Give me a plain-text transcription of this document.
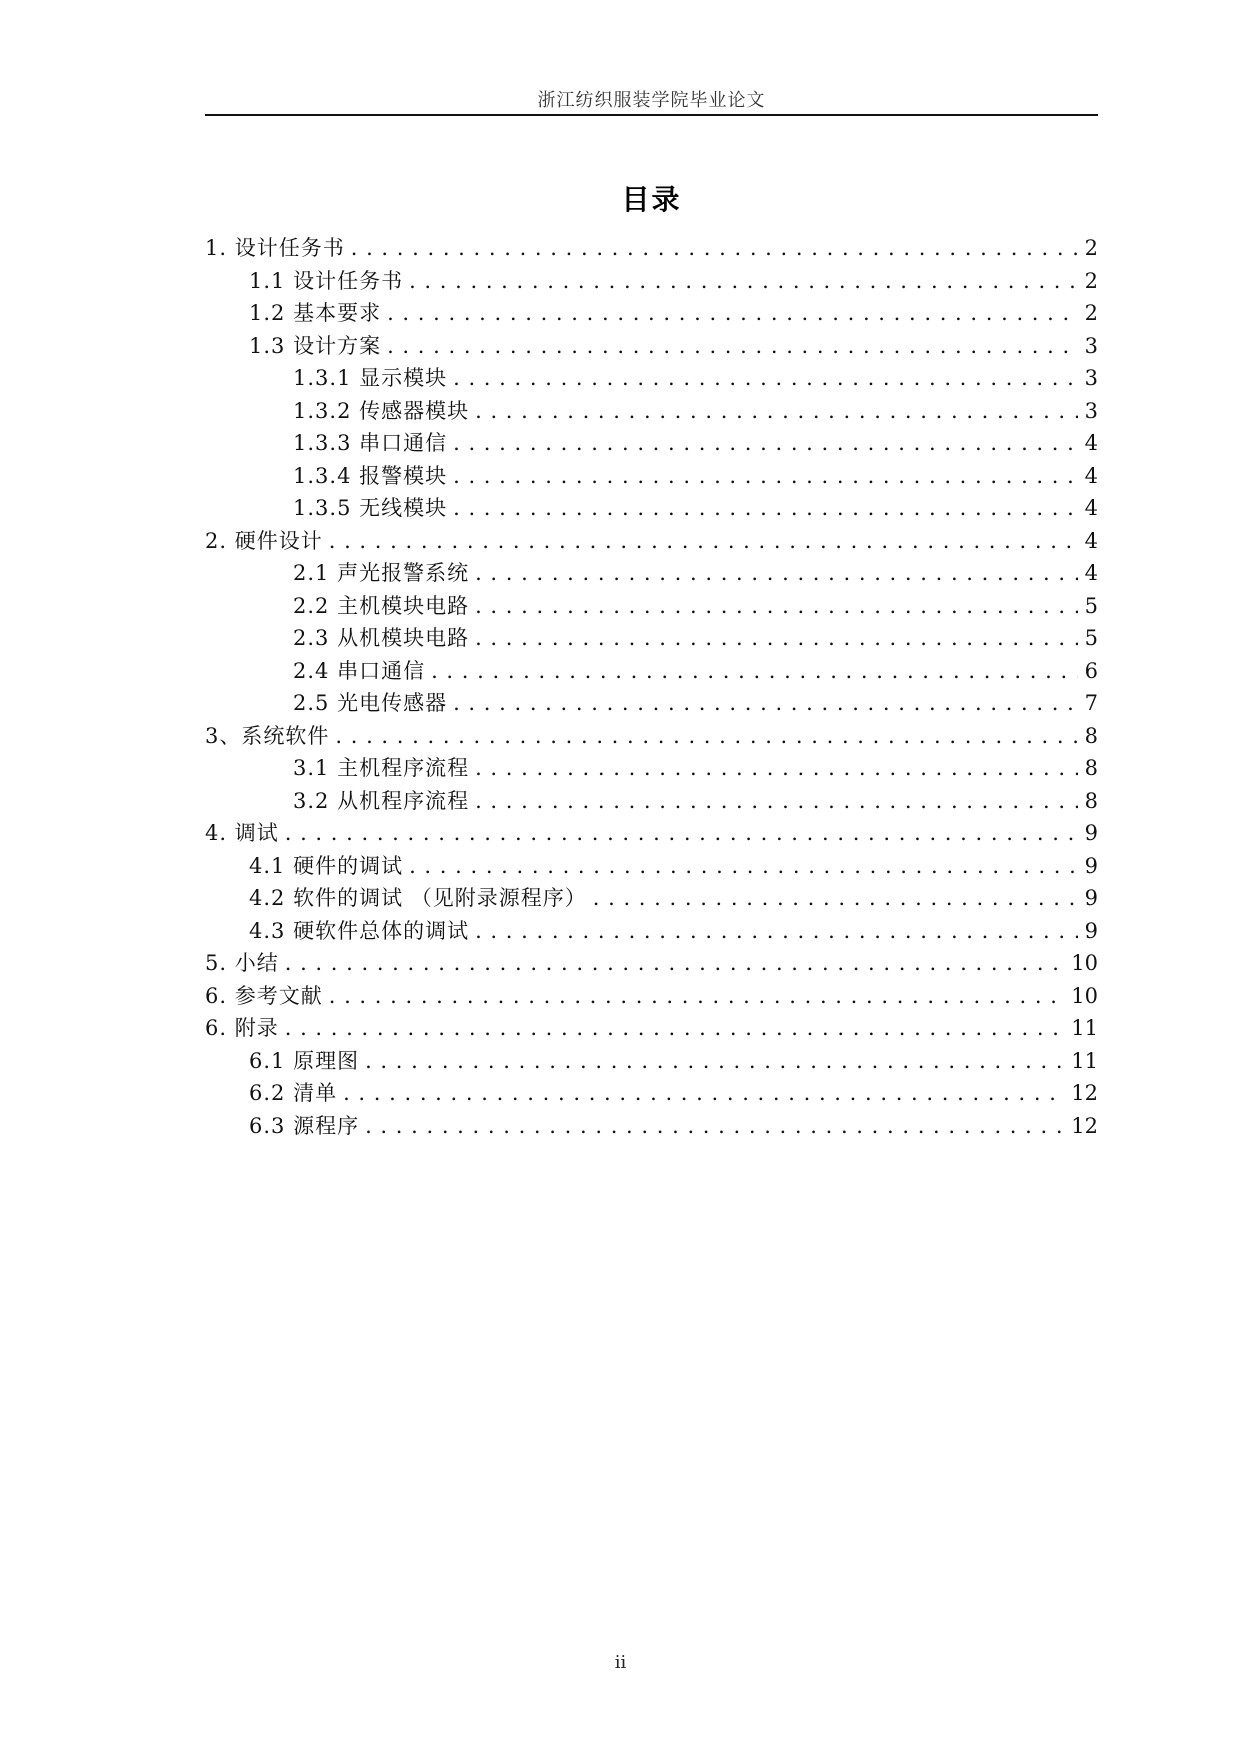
浙江纺织服装学院毕业论文
目录
1. 设计任务书 . . .	2
1.1 设计任务书 . . .	2
1.2 基本要求 . . .	2
1.3 设计方案 . . .	3
1.3.1 显示模块 . . .	3
1.3.2 传感器模块 . . .	3
1.3.3 串口通信 . . .	4
1.3.4 报警模块 . . .	4
1.3.5 无线模块 . . .	4
2. 硬件设计 . . .	4
2.1 声光报警系统 . . .	4
2.2 主机模块电路 . . .	5
2.3 从机模块电路 . . .	5
2.4 串口通信 . . .	6
2.5 光电传感器 . . .	7
3、系统软件 . . .	8
3.1 主机程序流程 . . .	8
3.2 从机程序流程 . . .	8
4. 调试 . . .	9
4.1 硬件的调试 . . .	9
4.2 软件的调试 （见附录源程序） . . .	9
4.3 硬软件总体的调试 . . .	9
5. 小结 . . .	10
6. 参考文献 . . .	10
6. 附录 . . .	11
6.1 原理图 . . .	11
6.2 清单 . . .	12
6.3 源程序 . . .	12
ii
